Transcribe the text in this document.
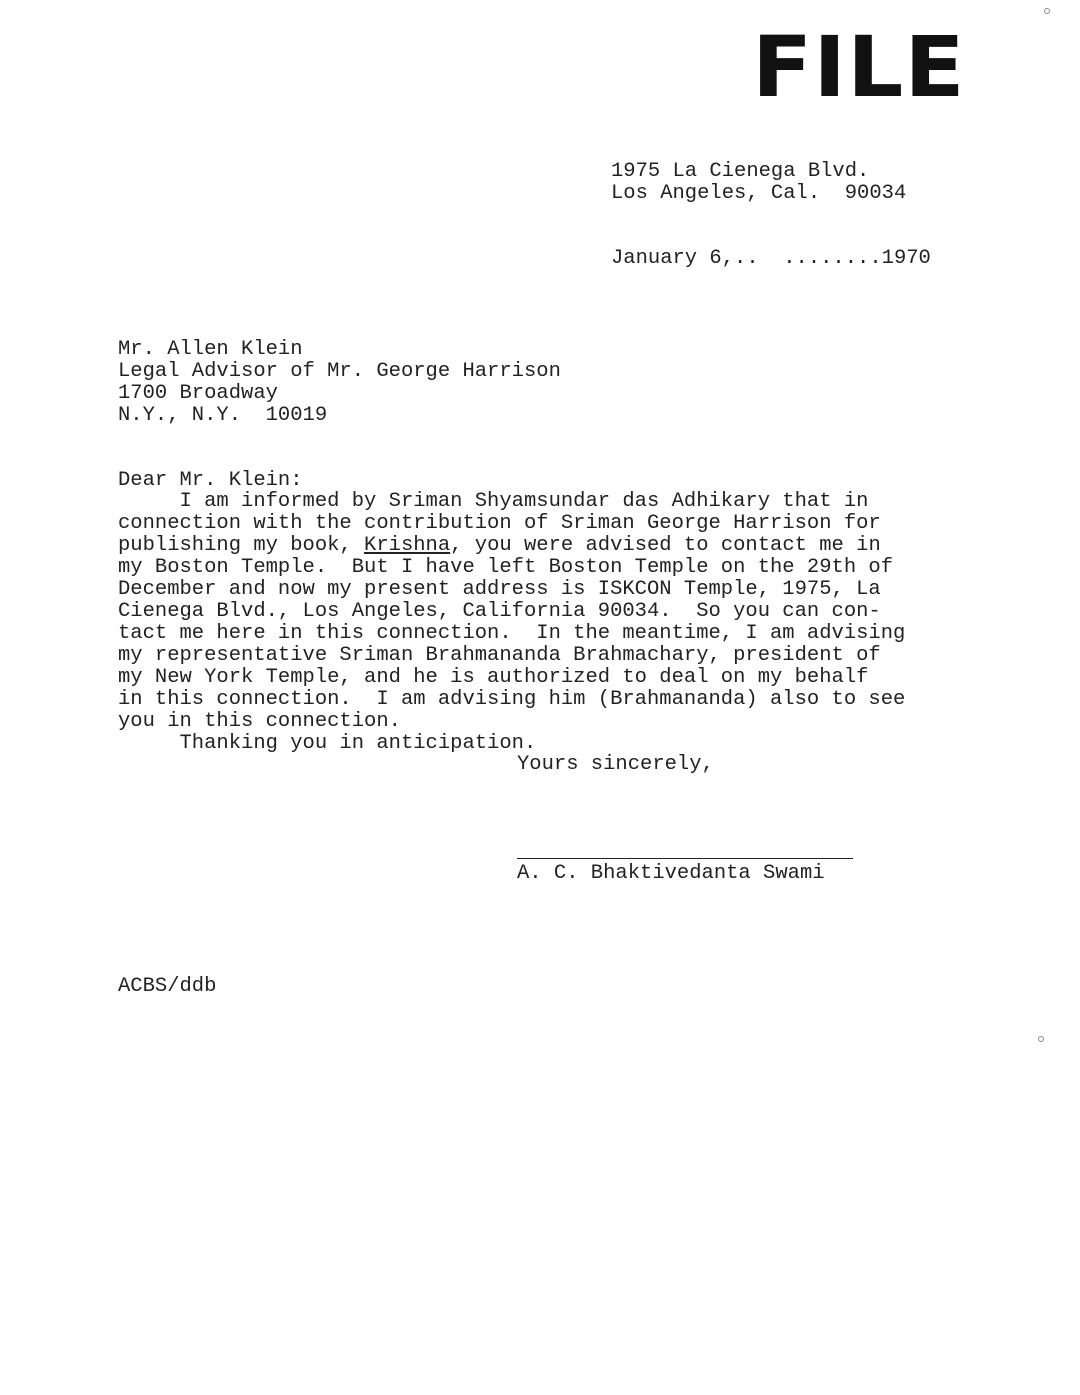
FILE
1975 La Cienega Blvd.
Los Angeles, Cal.  90034
January 6,..  ........1970
Mr. Allen Klein
Legal Advisor of Mr. George Harrison
1700 Broadway
N.Y., N.Y.  10019
Dear Mr. Klein:
I am informed by Sriman Shyamsundar das Adhikary that in
connection with the contribution of Sriman George Harrison for
publishing my book, Krishna, you were advised to contact me in
my Boston Temple.  But I have left Boston Temple on the 29th of
December and now my present address is ISKCON Temple, 1975, La
Cienega Blvd., Los Angeles, California 90034.  So you can con-
tact me here in this connection.  In the meantime, I am advising
my representative Sriman Brahmananda Brahmachary, president of
my New York Temple, and he is authorized to deal on my behalf
in this connection.  I am advising him (Brahmananda) also to see
you in this connection.
Thanking you in anticipation.
Yours sincerely,
A. C. Bhaktivedanta Swami
ACBS/ddb
